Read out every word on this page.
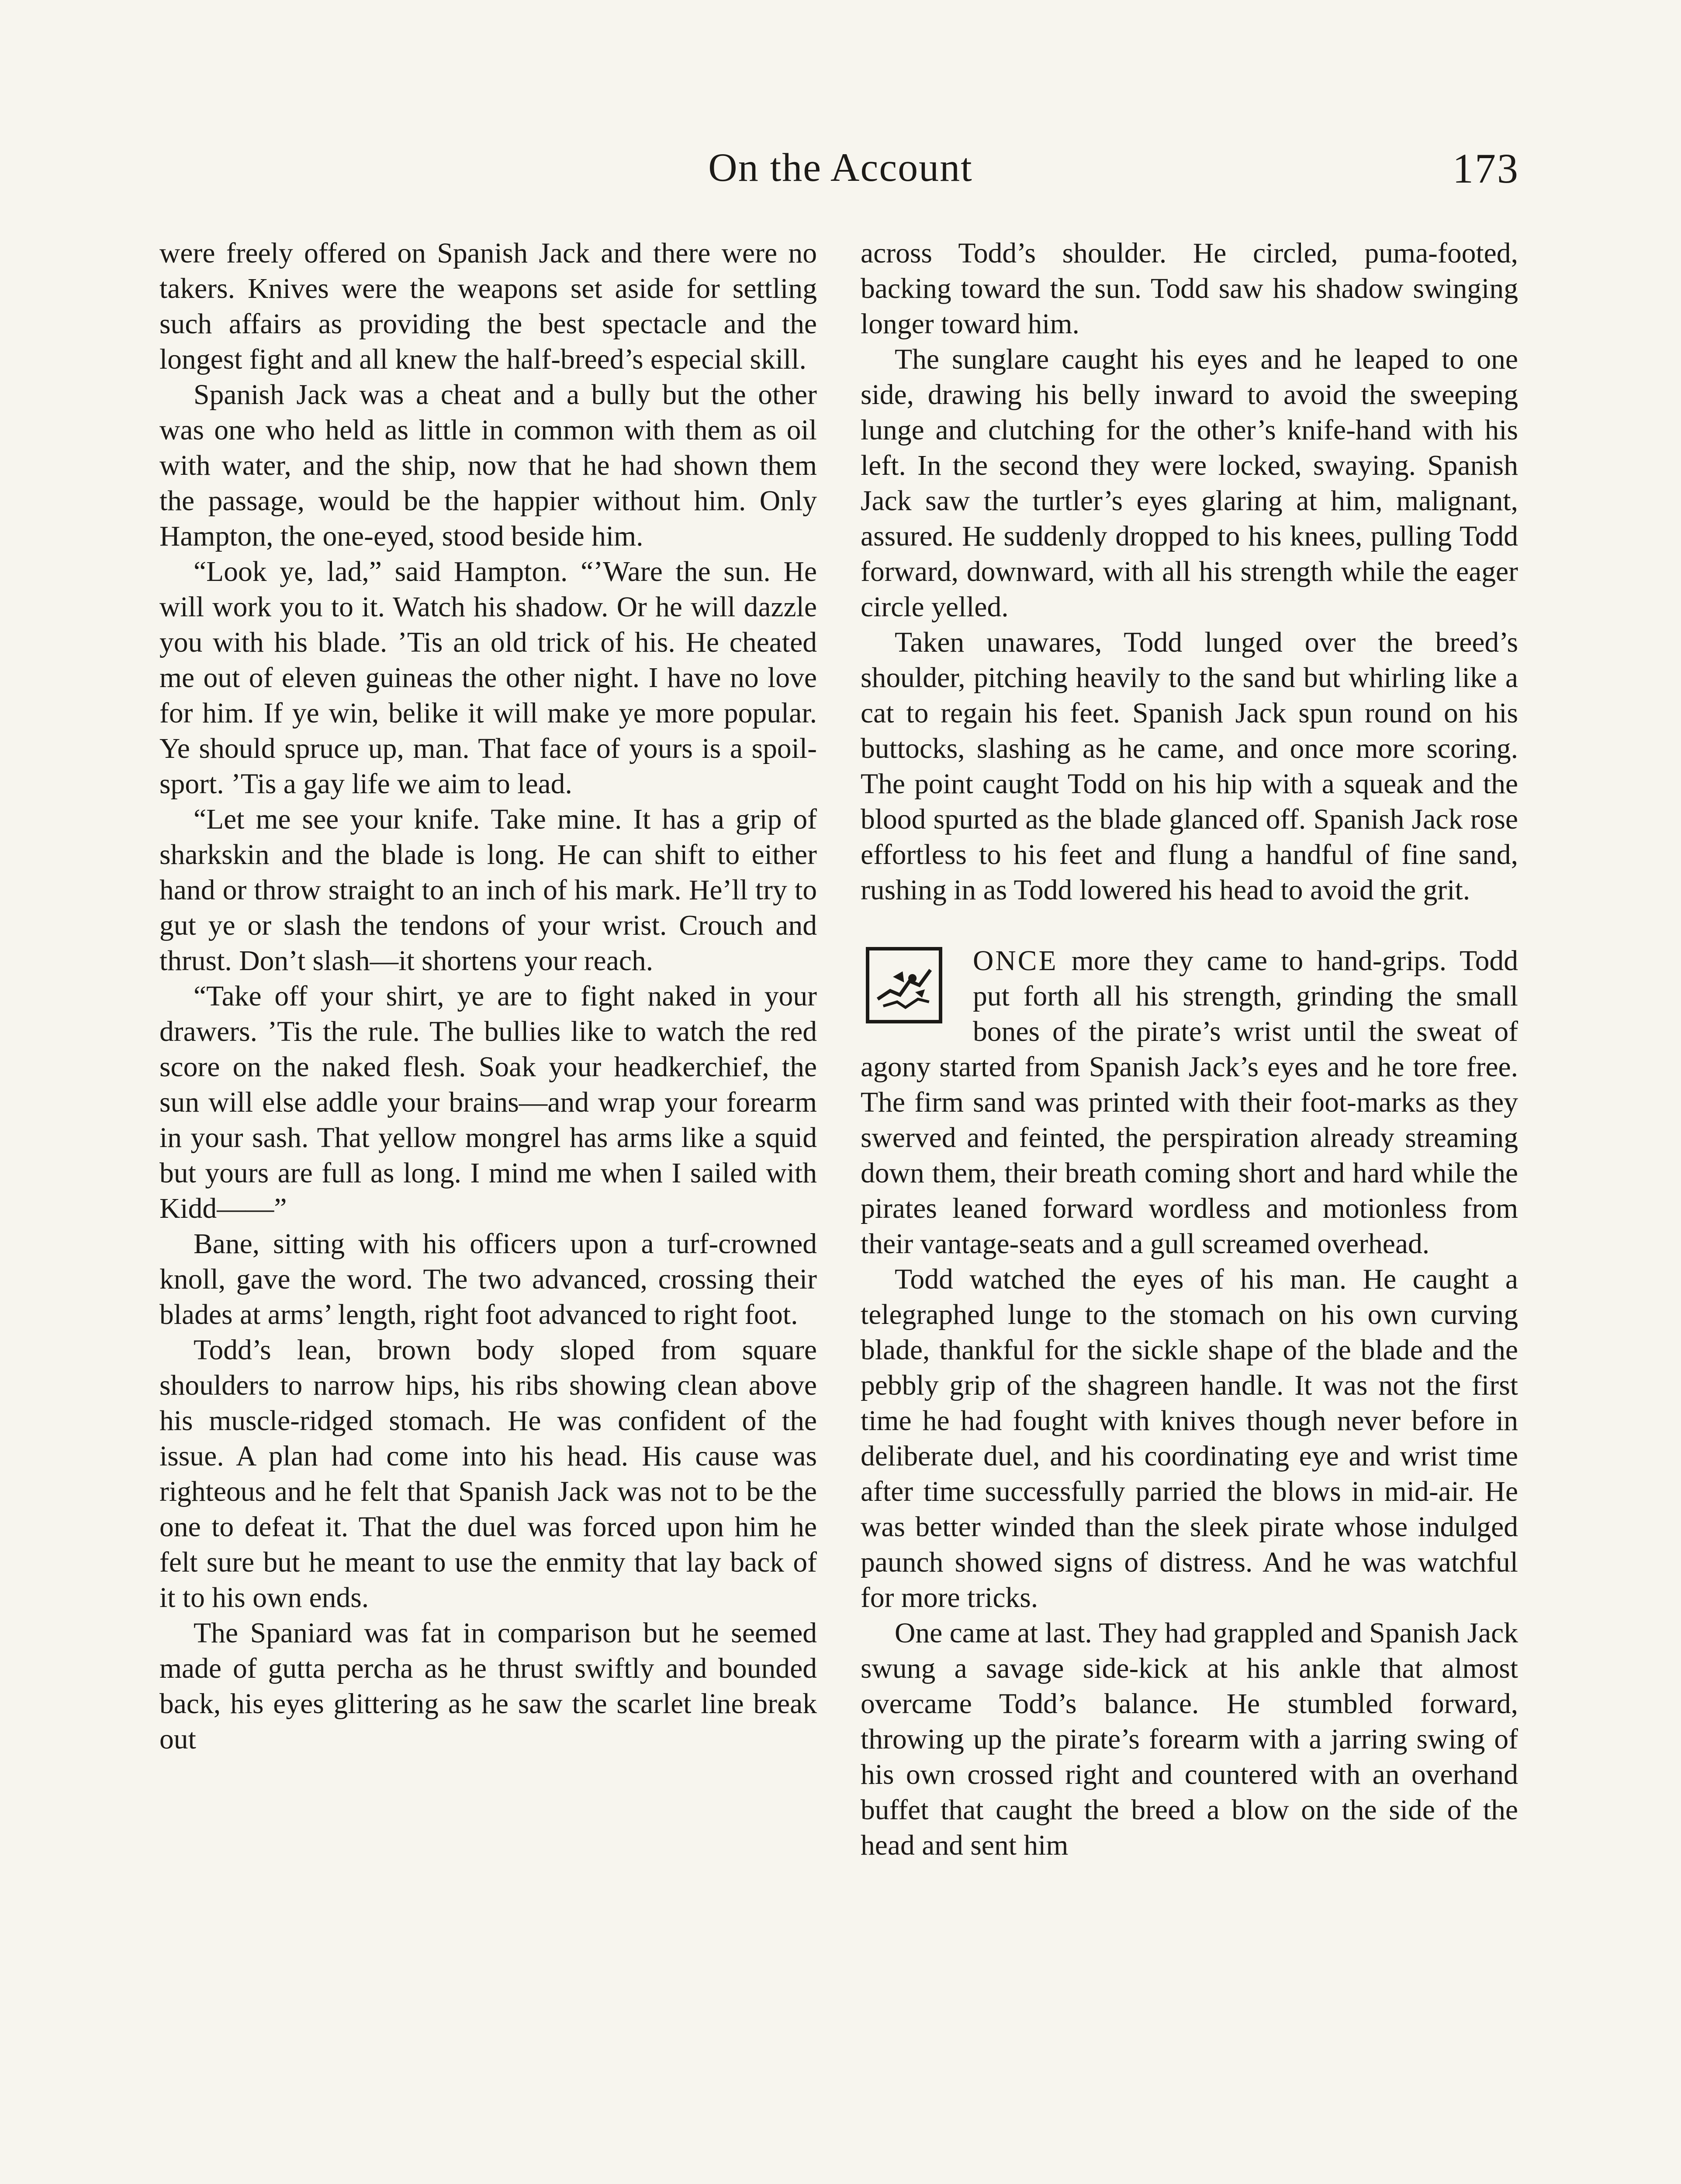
On the Account	173

were freely offered on Spanish Jack and there were no takers. Knives were the weapons set aside for settling such affairs as providing the best spectacle and the longest fight and all knew the half-breed’s especial skill.

Spanish Jack was a cheat and a bully but the other was one who held as little in common with them as oil with water, and the ship, now that he had shown them the passage, would be the happier without him. Only Hampton, the one-eyed, stood beside him.

“Look ye, lad,” said Hampton. “’Ware the sun. He will work you to it. Watch his shadow. Or he will dazzle you with his blade. ’Tis an old trick of his. He cheated me out of eleven guineas the other night. I have no love for him. If ye win, belike it will make ye more popular. Ye should spruce up, man. That face of yours is a spoil-sport. ’Tis a gay life we aim to lead.

“Let me see your knife. Take mine. It has a grip of sharkskin and the blade is long. He can shift to either hand or throw straight to an inch of his mark. He’ll try to gut ye or slash the tendons of your wrist. Crouch and thrust. Don’t slash—it shortens your reach.

“Take off your shirt, ye are to fight naked in your drawers. ’Tis the rule. The bullies like to watch the red score on the naked flesh. Soak your headkerchief, the sun will else addle your brains—and wrap your forearm in your sash. That yellow mongrel has arms like a squid but yours are full as long. I mind me when I sailed with Kidd——”

Bane, sitting with his officers upon a turf-crowned knoll, gave the word. The two advanced, crossing their blades at arms’ length, right foot advanced to right foot.

Todd’s lean, brown body sloped from square shoulders to narrow hips, his ribs showing clean above his muscle-ridged stomach. He was confident of the issue. A plan had come into his head. His cause was righteous and he felt that Spanish Jack was not to be the one to defeat it. That the duel was forced upon him he felt sure but he meant to use the enmity that lay back of it to his own ends.

The Spaniard was fat in comparison but he seemed made of gutta percha as he thrust swiftly and bounded back, his eyes glittering as he saw the scarlet line break out

across Todd’s shoulder. He circled, puma-footed, backing toward the sun. Todd saw his shadow swinging longer toward him.

The sunglare caught his eyes and he leaped to one side, drawing his belly inward to avoid the sweeping lunge and clutching for the other’s knife-hand with his left. In the second they were locked, swaying. Spanish Jack saw the turtler’s eyes glaring at him, malignant, assured. He suddenly dropped to his knees, pulling Todd forward, downward, with all his strength while the eager circle yelled.

Taken unawares, Todd lunged over the breed’s shoulder, pitching heavily to the sand but whirling like a cat to regain his feet. Spanish Jack spun round on his buttocks, slashing as he came, and once more scoring. The point caught Todd on his hip with a squeak and the blood spurted as the blade glanced off. Spanish Jack rose effortless to his feet and flung a handful of fine sand, rushing in as Todd lowered his head to avoid the grit.

ONCE more they came to hand-grips. Todd put forth all his strength, grinding the small bones of the pirate’s wrist until the sweat of agony started from Spanish Jack’s eyes and he tore free. The firm sand was printed with their foot-marks as they swerved and feinted, the perspiration already streaming down them, their breath coming short and hard while the pirates leaned forward wordless and motionless from their vantage-seats and a gull screamed overhead.

Todd watched the eyes of his man. He caught a telegraphed lunge to the stomach on his own curving blade, thankful for the sickle shape of the blade and the pebbly grip of the shagreen handle. It was not the first time he had fought with knives though never before in deliberate duel, and his coordinating eye and wrist time after time successfully parried the blows in mid-air. He was better winded than the sleek pirate whose indulged paunch showed signs of distress. And he was watchful for more tricks.

One came at last. They had grappled and Spanish Jack swung a savage side-kick at his ankle that almost overcame Todd’s balance. He stumbled forward, throwing up the pirate’s forearm with a jarring swing of his own crossed right and countered with an overhand buffet that caught the breed a blow on the side of the head and sent him
